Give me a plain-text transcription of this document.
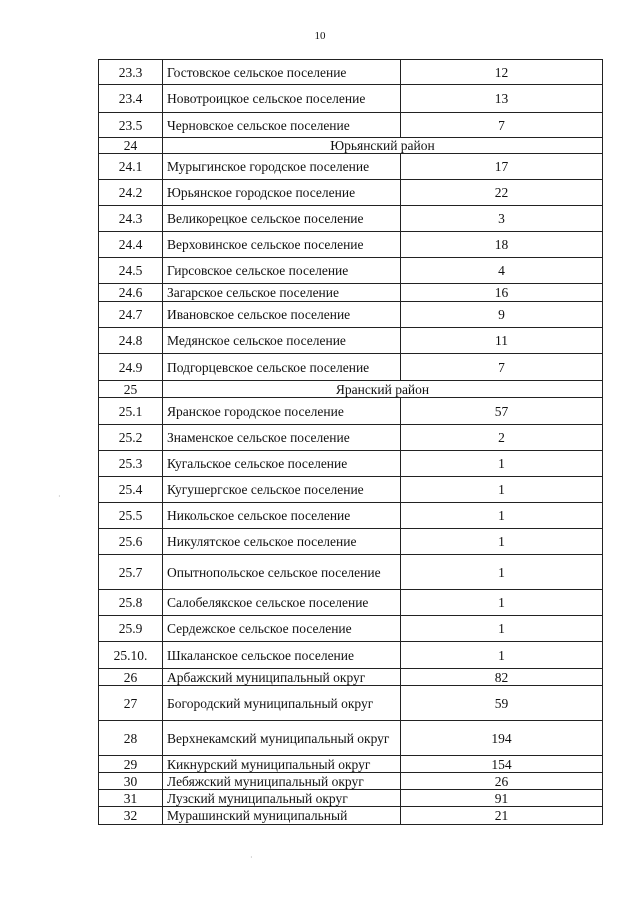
10
23.3	Гостовское сельское поселение	12
23.4	Новотроицкое сельское поселение	13
23.5	Черновское сельское поселение	7
24	Юрьянский район	
24.1	Мурыгинское городское поселение	17
24.2	Юрьянское городское поселение	22
24.3	Великорецкое сельское поселение	3
24.4	Верховинское сельское поселение	18
24.5	Гирсовское сельское поселение	4
24.6	Загарское сельское поселение	16
24.7	Ивановское сельское поселение	9
24.8	Медянское сельское поселение	11
24.9	Подгорцевское сельское поселение	7
25	Яранский район	
25.1	Яранское городское поселение	57
25.2	Знаменское сельское поселение	2
25.3	Кугальское сельское поселение	1
25.4	Кугушергское сельское поселение	1
25.5	Никольское сельское поселение	1
25.6	Никулятское сельское поселение	1
25.7	Опытнопольское сельское поселение	1
25.8	Салобелякское сельское поселение	1
25.9	Сердежское сельское поселение	1
25.10.	Шкаланское сельское поселение	1
26	Арбажский муниципальный округ	82
27	Богородский муниципальный округ	59
28	Верхнекамский муниципальный округ	194
29	Кикнурский муниципальный округ	154
30	Лебяжский муниципальный округ	26
31	Лузский муниципальный округ	91
32	Мурашинский муниципальный	21
·
·
